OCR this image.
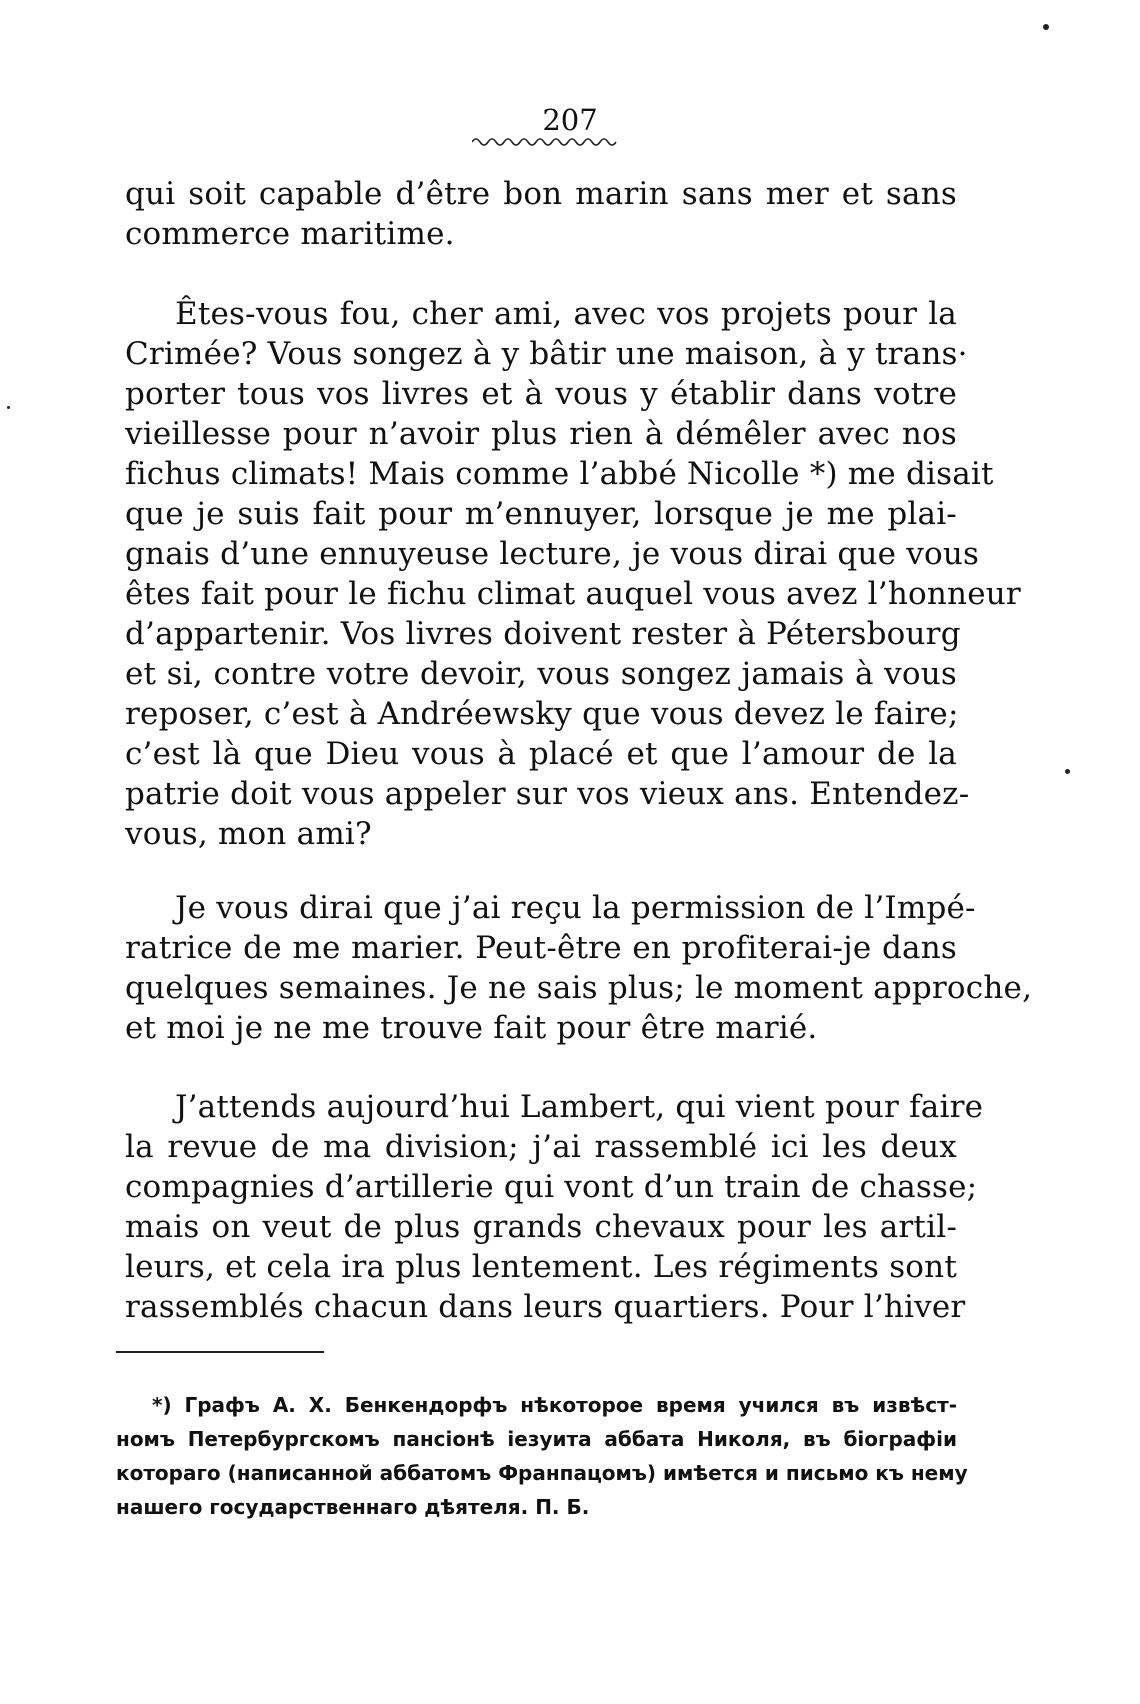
207
qui soit capable d’être bon marin sans mer et sans
commerce maritime.
Êtes-vous fou, cher ami, avec vos projets pour la
Crimée? Vous songez à y bâtir une maison, à y trans·
porter tous vos livres et à vous y établir dans votre
vieillesse pour n’avoir plus rien à démêler avec nos
fichus climats! Mais comme l’abbé Nicolle *) me disait
que je suis fait pour m’ennuyer, lorsque je me plai-
gnais d’une ennuyeuse lecture, je vous dirai que vous
êtes fait pour le fichu climat auquel vous avez l’honneur
d’appartenir. Vos livres doivent rester à Pétersbourg
et si, contre votre devoir, vous songez jamais à vous
reposer, c’est à Andréewsky que vous devez le faire;
c’est là que Dieu vous à placé et que l’amour de la
patrie doit vous appeler sur vos vieux ans. Entendez-
vous, mon ami?
Je vous dirai que j’ai reçu la permission de l’Impé-
ratrice de me marier. Peut-être en profiterai-je dans
quelques semaines. Je ne sais plus; le moment approche,
et moi je ne me trouve fait pour être marié.
J’attends aujourd’hui Lambert, qui vient pour faire
la revue de ma division; j’ai rassemblé ici les deux
compagnies d’artillerie qui vont d’un train de chasse;
mais on veut de plus grands chevaux pour les artil-
leurs, et cela ira plus lentement. Les régiments sont
rassemblés chacun dans leurs quartiers. Pour l’hiver
*) Графъ А. Х. Бенкендорфъ нѣкоторое время учился въ извѣст-
номъ Петербургскомъ пансіонѣ іезуита аббата Николя, въ біографіи
котораго (написанной аббатомъ Франпацомъ) имѣется и письмо къ нему
нашего государственнаго дѣятеля. П. Б.
